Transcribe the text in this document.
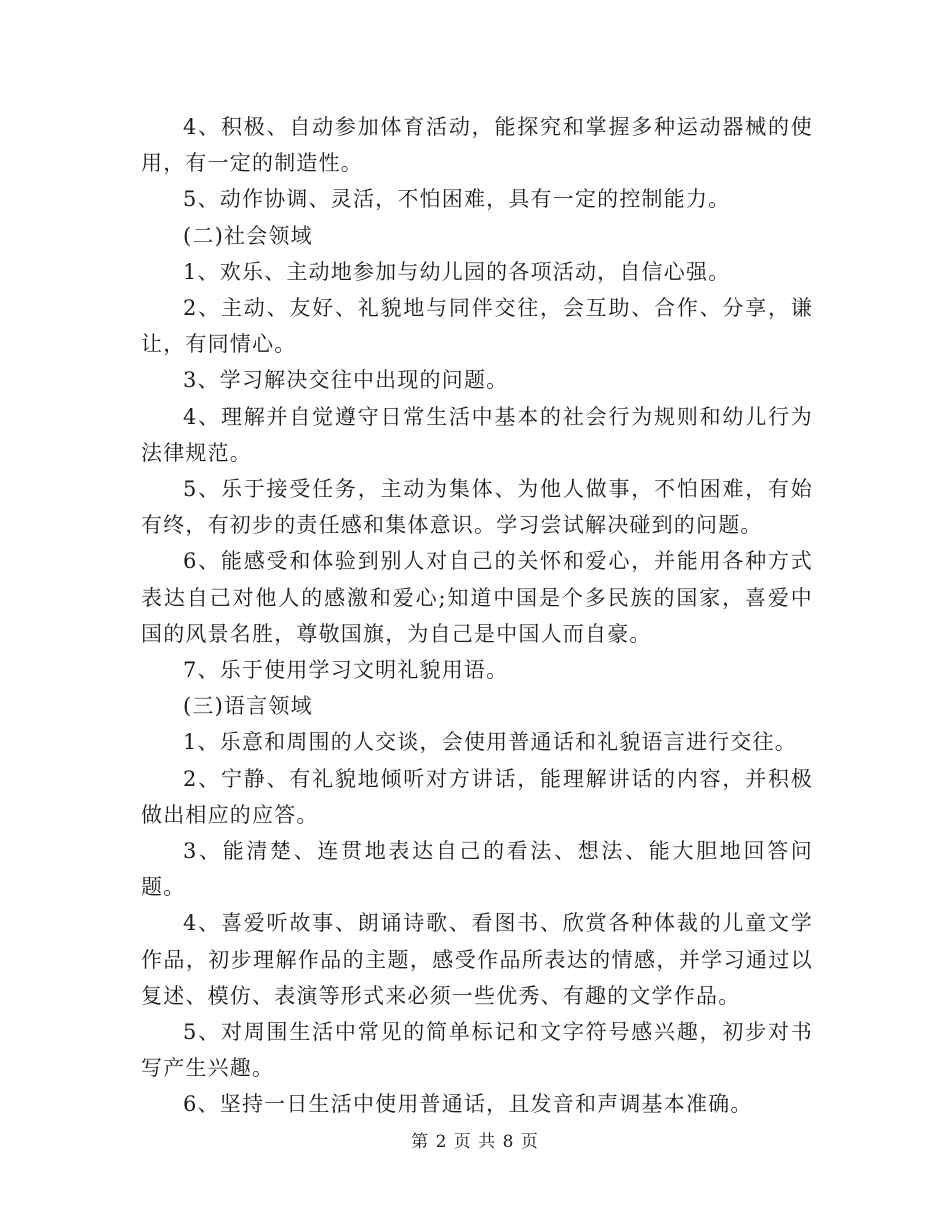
4、积极、自动参加体育活动，能探究和掌握多种运动器械的使用，有一定的制造性。

5、动作协调、灵活，不怕困难，具有一定的控制能力。

(二)社会领域

1、欢乐、主动地参加与幼儿园的各项活动，自信心强。

2、主动、友好、礼貌地与同伴交往，会互助、合作、分享，谦让，有同情心。

3、学习解决交往中出现的问题。

4、理解并自觉遵守日常生活中基本的社会行为规则和幼儿行为法律规范。

5、乐于接受任务，主动为集体、为他人做事，不怕困难，有始有终，有初步的责任感和集体意识。学习尝试解决碰到的问题。

6、能感受和体验到别人对自己的关怀和爱心，并能用各种方式表达自己对他人的感激和爱心;知道中国是个多民族的国家，喜爱中国的风景名胜，尊敬国旗，为自己是中国人而自豪。

7、乐于使用学习文明礼貌用语。

(三)语言领域

1、乐意和周围的人交谈，会使用普通话和礼貌语言进行交往。

2、宁静、有礼貌地倾听对方讲话，能理解讲话的内容，并积极做出相应的应答。

3、能清楚、连贯地表达自己的看法、想法、能大胆地回答问题。

4、喜爱听故事、朗诵诗歌、看图书、欣赏各种体裁的儿童文学作品，初步理解作品的主题，感受作品所表达的情感，并学习通过以复述、模仿、表演等形式来必须一些优秀、有趣的文学作品。

5、对周围生活中常见的简单标记和文字符号感兴趣，初步对书写产生兴趣。

6、坚持一日生活中使用普通话，且发音和声调基本准确。

第 2 页 共 8 页
